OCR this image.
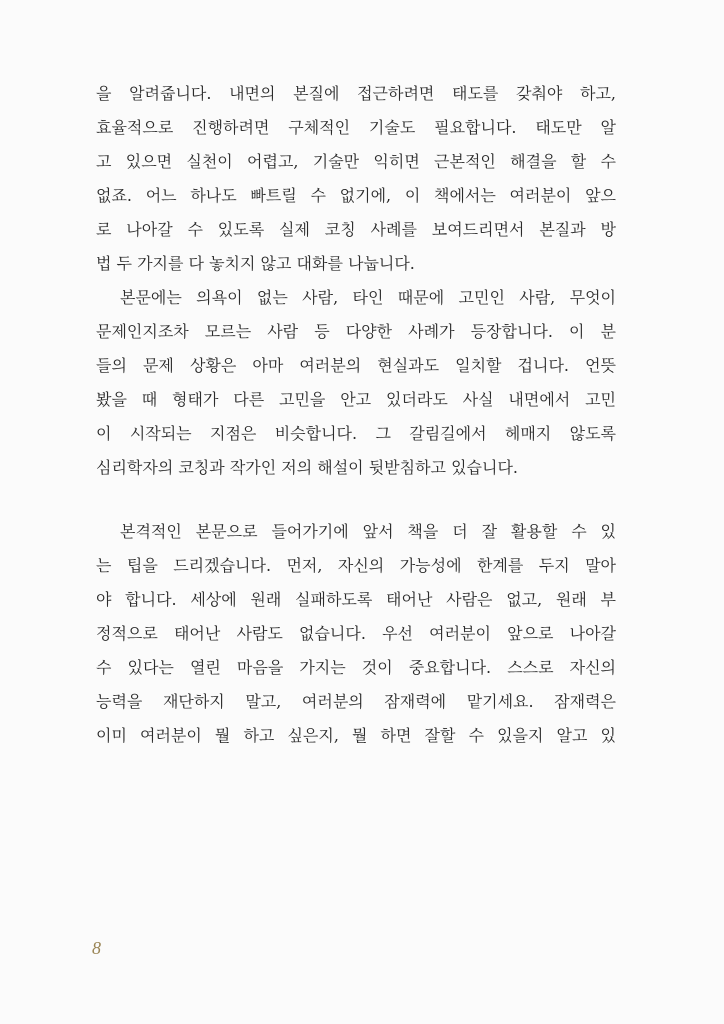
을 알려줍니다. 내면의 본질에 접근하려면 태도를 갖춰야 하고,
효율적으로 진행하려면 구체적인 기술도 필요합니다. 태도만 알
고 있으면 실천이 어렵고, 기술만 익히면 근본적인 해결을 할 수
없죠. 어느 하나도 빠트릴 수 없기에, 이 책에서는 여러분이 앞으
로 나아갈 수 있도록 실제 코칭 사례를 보여드리면서 본질과 방
법 두 가지를 다 놓치지 않고 대화를 나눕니다.
본문에는 의욕이 없는 사람, 타인 때문에 고민인 사람, 무엇이
문제인지조차 모르는 사람 등 다양한 사례가 등장합니다. 이 분
들의 문제 상황은 아마 여러분의 현실과도 일치할 겁니다. 언뜻
봤을 때 형태가 다른 고민을 안고 있더라도 사실 내면에서 고민
이 시작되는 지점은 비슷합니다. 그 갈림길에서 헤매지 않도록
심리학자의 코칭과 작가인 저의 해설이 뒷받침하고 있습니다.
본격적인 본문으로 들어가기에 앞서 책을 더 잘 활용할 수 있
는 팁을 드리겠습니다. 먼저, 자신의 가능성에 한계를 두지 말아
야 합니다. 세상에 원래 실패하도록 태어난 사람은 없고, 원래 부
정적으로 태어난 사람도 없습니다. 우선 여러분이 앞으로 나아갈
수 있다는 열린 마음을 가지는 것이 중요합니다. 스스로 자신의
능력을 재단하지 말고, 여러분의 잠재력에 맡기세요. 잠재력은
이미 여러분이 뭘 하고 싶은지, 뭘 하면 잘할 수 있을지 알고 있
8
